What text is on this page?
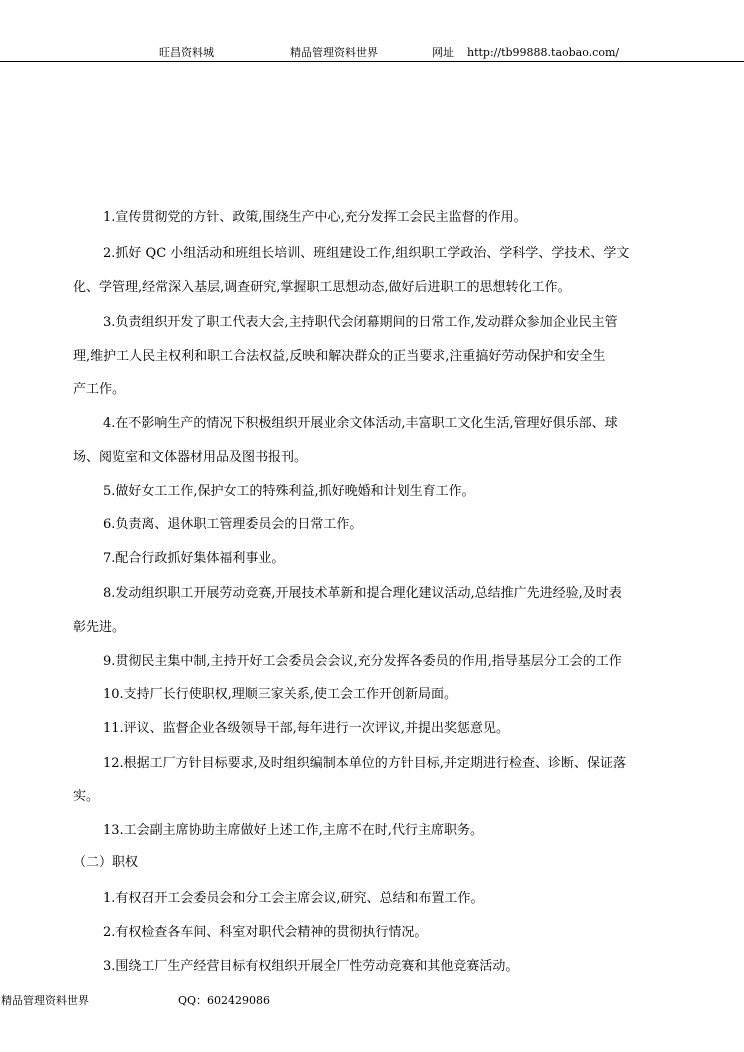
旺昌资料城	精品管理资料世界	网址 http://tb99888.taobao.com/
1.宣传贯彻党的方针、政策,围绕生产中心,充分发挥工会民主监督的作用。
2.抓好 QC 小组活动和班组长培训、班组建设工作,组织职工学政治、学科学、学技术、学文
化、学管理,经常深入基层,调查研究,掌握职工思想动态,做好后进职工的思想转化工作。
3.负责组织开发了职工代表大会,主持职代会闭幕期间的日常工作,发动群众参加企业民主管
理,维护工人民主权利和职工合法权益,反映和解决群众的正当要求,注重搞好劳动保护和安全生
产工作。
4.在不影响生产的情况下积极组织开展业余文体活动,丰富职工文化生活,管理好俱乐部、球
场、阅览室和文体器材用品及图书报刊。
5.做好女工工作,保护女工的特殊利益,抓好晚婚和计划生育工作。
6.负责离、退休职工管理委员会的日常工作。
7.配合行政抓好集体福利事业。
8.发动组织职工开展劳动竞赛,开展技术革新和提合理化建议活动,总结推广先进经验,及时表
彰先进。
9.贯彻民主集中制,主持开好工会委员会会议,充分发挥各委员的作用,指导基层分工会的工作
10.支持厂长行使职权,理顺三家关系,使工会工作开创新局面。
11.评议、监督企业各级领导干部,每年进行一次评议,并提出奖惩意见。
12.根据工厂方针目标要求,及时组织编制本单位的方针目标,并定期进行检查、诊断、保证落
实。
13.工会副主席协助主席做好上述工作,主席不在时,代行主席职务。
（二）职权
1.有权召开工会委员会和分工会主席会议,研究、总结和布置工作。
2.有权检查各车间、科室对职代会精神的贯彻执行情况。
3.围绕工厂生产经营目标有权组织开展全厂性劳动竞赛和其他竞赛活动。
精品管理资料世界	QQ：602429086
